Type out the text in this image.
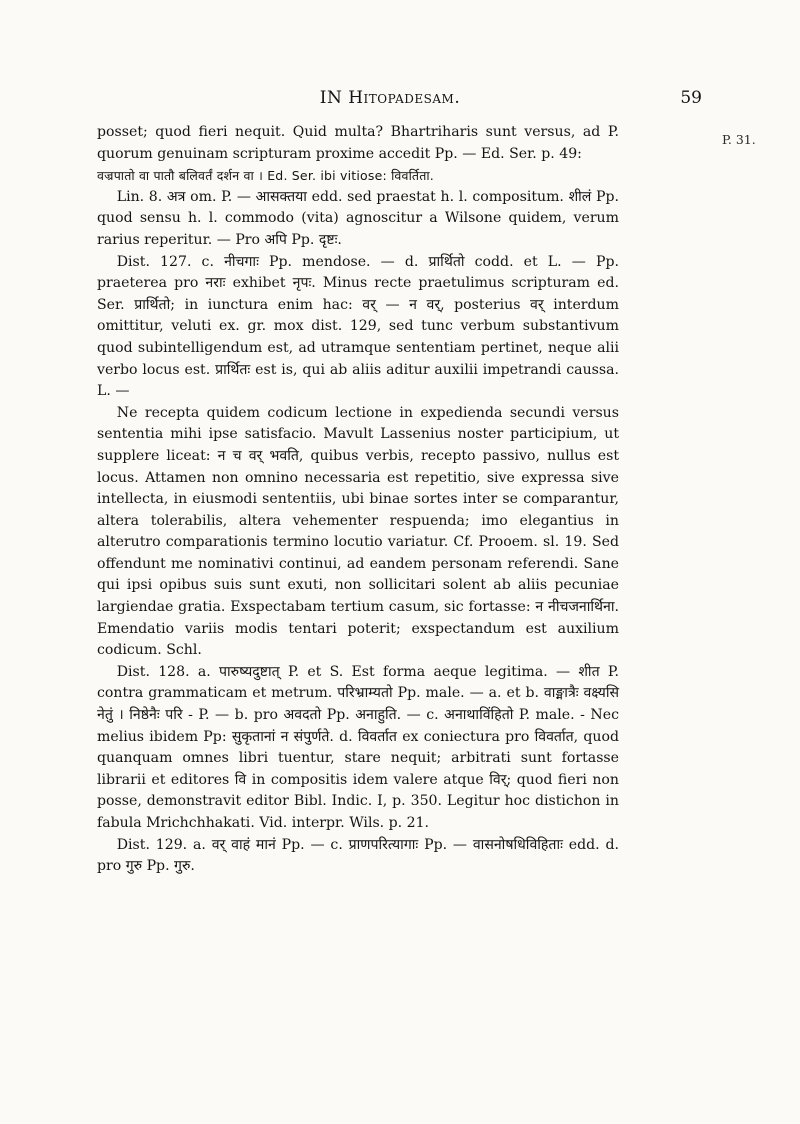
IN Hitopadesam.	59
P. 31.

posset; quod fieri nequit. Quid multa? Bhartriharis sunt versus, ad P. quorum genuinam scripturam proxime accedit Pp. — Ed. Ser. p. 49:

वज्रपातो वा पातौ बलिवर्तं दर्शन वा । Ed. Ser. ibi vitiose: विवर्तिता.

Lin. 8. अत्र om. P. — आसक्तया edd. sed praestat h. l. compositum. शीलं Pp. quod sensu h. l. commodo (vita) agnoscitur a Wilsone quidem, verum rarius reperitur. — Pro अपि Pp. दृष्टः.

Dist. 127. c. नीचगाः Pp. mendose. — d. प्रार्थितो codd. et L. — Pp. praeterea pro नराः exhibet नृपः. Minus recte praetulimus scripturam ed. Ser. प्रार्थितो; in iunctura enim hac: वर् — न वर्, posterius वर् interdum omittitur, veluti ex. gr. mox dist. 129, sed tunc verbum substantivum quod subintelligendum est, ad utramque sententiam pertinet, neque alii verbo locus est. प्रार्थितः est is, qui ab aliis aditur auxilii impetrandi caussa. L. —

Ne recepta quidem codicum lectione in expedienda secundi versus sententia mihi ipse satisfacio. Mavult Lassenius noster participium, ut supplere liceat: न च वर् भवति, quibus verbis, recepto passivo, nullus est locus. Attamen non omnino necessaria est repetitio, sive expressa sive intellecta, in eiusmodi sententiis, ubi binae sortes inter se comparantur, altera tolerabilis, altera vehementer respuenda; imo elegantius in alterutro comparationis termino locutio variatur. Cf. Prooem. sl. 19. Sed offendunt me nominativi continui, ad eandem personam referendi. Sane qui ipsi opibus suis sunt exuti, non sollicitari solent ab aliis pecuniae largiendae gratia. Exspectabam tertium casum, sic fortasse: न नीचजनार्थिना. Emendatio variis modis tentari poterit; exspectandum est auxilium codicum. Schl.

Dist. 128. a. पारुष्यदुष्टात् P. et S. Est forma aeque legitima. — शीत P. contra grammaticam et metrum. परिभ्राम्यतो Pp. male. — a. et b. वाङ्मात्रैः वक्ष्यसि नेतुं । निष्ठेनैः परि - P. — b. pro अवदतो Pp. अनाहुति. — c. अनाथाविंहितो P. male. - Nec melius ibidem Pp: सुकृतानां न संपुर्णते. d. विवर्तात ex coniectura pro विवर्तात, quod quanquam omnes libri tuentur, stare nequit; arbitrati sunt fortasse librarii et editores वि in compositis idem valere atque विर्; quod fieri non posse, demonstravit editor Bibl. Indic. I, p. 350. Legitur hoc distichon in fabula Mrichchhakati. Vid. interpr. Wils. p. 21.

Dist. 129. a. वर् वाहं मानं Pp. — c. प्राणपरित्यागाः Pp. — वासनोषधिविहिताः edd. d. pro गुरु Pp. गुरु.
